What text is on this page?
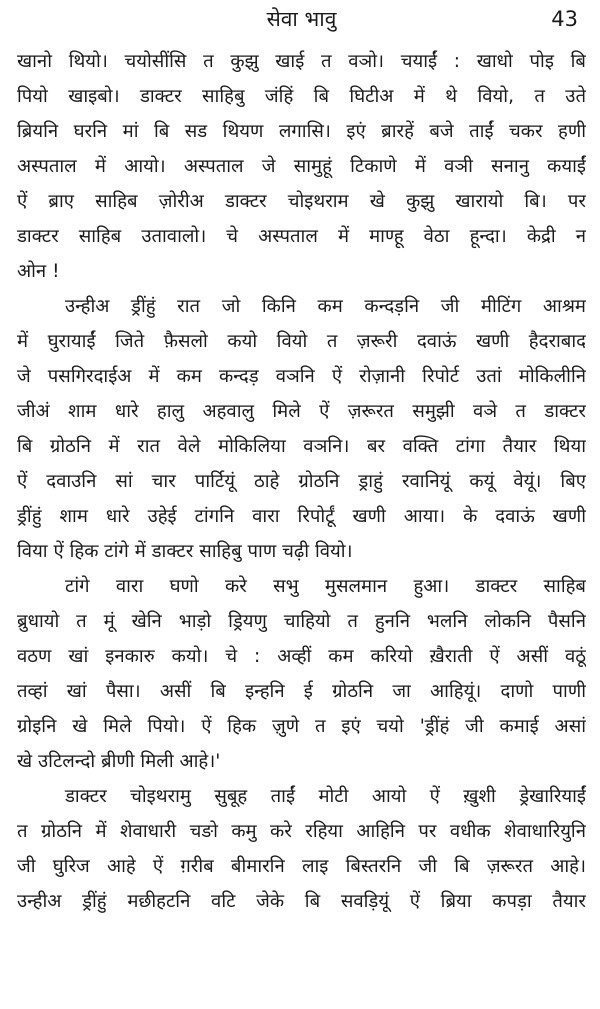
सेवा भावु	43
खानो थियो। चयोसींसि त कुझु खाई त वञो। चयाईं : खाधो पोइ बि
पियो खाइबो। डाक्टर साहिबु जंहिं बि घिटीअ में थे वियो, त उते
ब्रियनि घरनि मां बि सड थियण लगासि। इएं ब्रारहें बजे ताईं चकर हणी
अस्पताल में आयो। अस्पताल जे सामुहूं टिकाणे में वञी सनानु कयाईं
ऐं ब्राए साहिब ज़ोरीअ डाक्टर चोइथराम खे कुझु खारायो बि। पर
डाक्टर साहिब उतावालो। चे अस्पताल में माण्हू वेठा हून्दा। केद्री न
ओन !
उन्हीअ ड्रींहुं रात जो किनि कम कन्दड़नि जी मीटिंग आश्रम
में घुरायाईं जिते फ़ैसलो कयो वियो त ज़रूरी दवाऊं खणी हैदराबाद
जे पसगिरदाईअ में कम कन्दड़ वञनि ऐं रोज़ानी रिपोर्ट उतां मोकिलीनि
जीअं शाम धारे हालु अहवालु मिले ऐं ज़रूरत समुझी वञे त डाक्टर
बि ग्रोठनि में रात वेले मोकिलिया वञनि। बर वक्ति टांगा तैयार थिया
ऐं दवाउनि सां चार पार्टियूं ठाहे ग्रोठनि ड्राहुं रवानियूं कयूं वेयूं। बिए
ड्रींहुं शाम धारे उहेई टांगनि वारा रिपोर्टूं खणी आया। के दवाऊं खणी
विया ऐं हिक टांगे में डाक्टर साहिबु पाण चढ़ी वियो।
टांगे वारा घणो करे सभु मुसलमान हुआ। डाक्टर साहिब
ब्रुधायो त मूं खेनि भाड़ो ड्रियणु चाहियो त हुननि भलनि लोकनि पैसनि
वठण खां इनकारु कयो। चे : अव्हीं कम करियो ख़ैराती ऐं असीं वठूं
तव्हां खां पैसा। असीं बि इन्हनि ई ग्रोठनि जा आहियूं। दाणो पाणी
ग्रोइनि खे मिले पियो। ऐं हिक ज़ुणे त इएं चयो 'ड्रींहं जी कमाई असां
खे उटिलन्दो ब्रीणी मिली आहे।'
डाक्टर चोइथरामु सुबूह ताईं मोटी आयो ऐं ख़ुशी ड्रेखारियाईं
त ग्रोठनि में शेवाधारी चङो कमु करे रहिया आहिनि पर वधीक शेवाधारियुनि
जी घुरिज आहे ऐं ग़रीब बीमारनि लाइ बिस्तरनि जी बि ज़रूरत आहे।
उन्हीअ ड्रींहुं मछीहटनि वटि जेके बि सवड़ियूं ऐं ब्रिया कपड़ा तैयार
